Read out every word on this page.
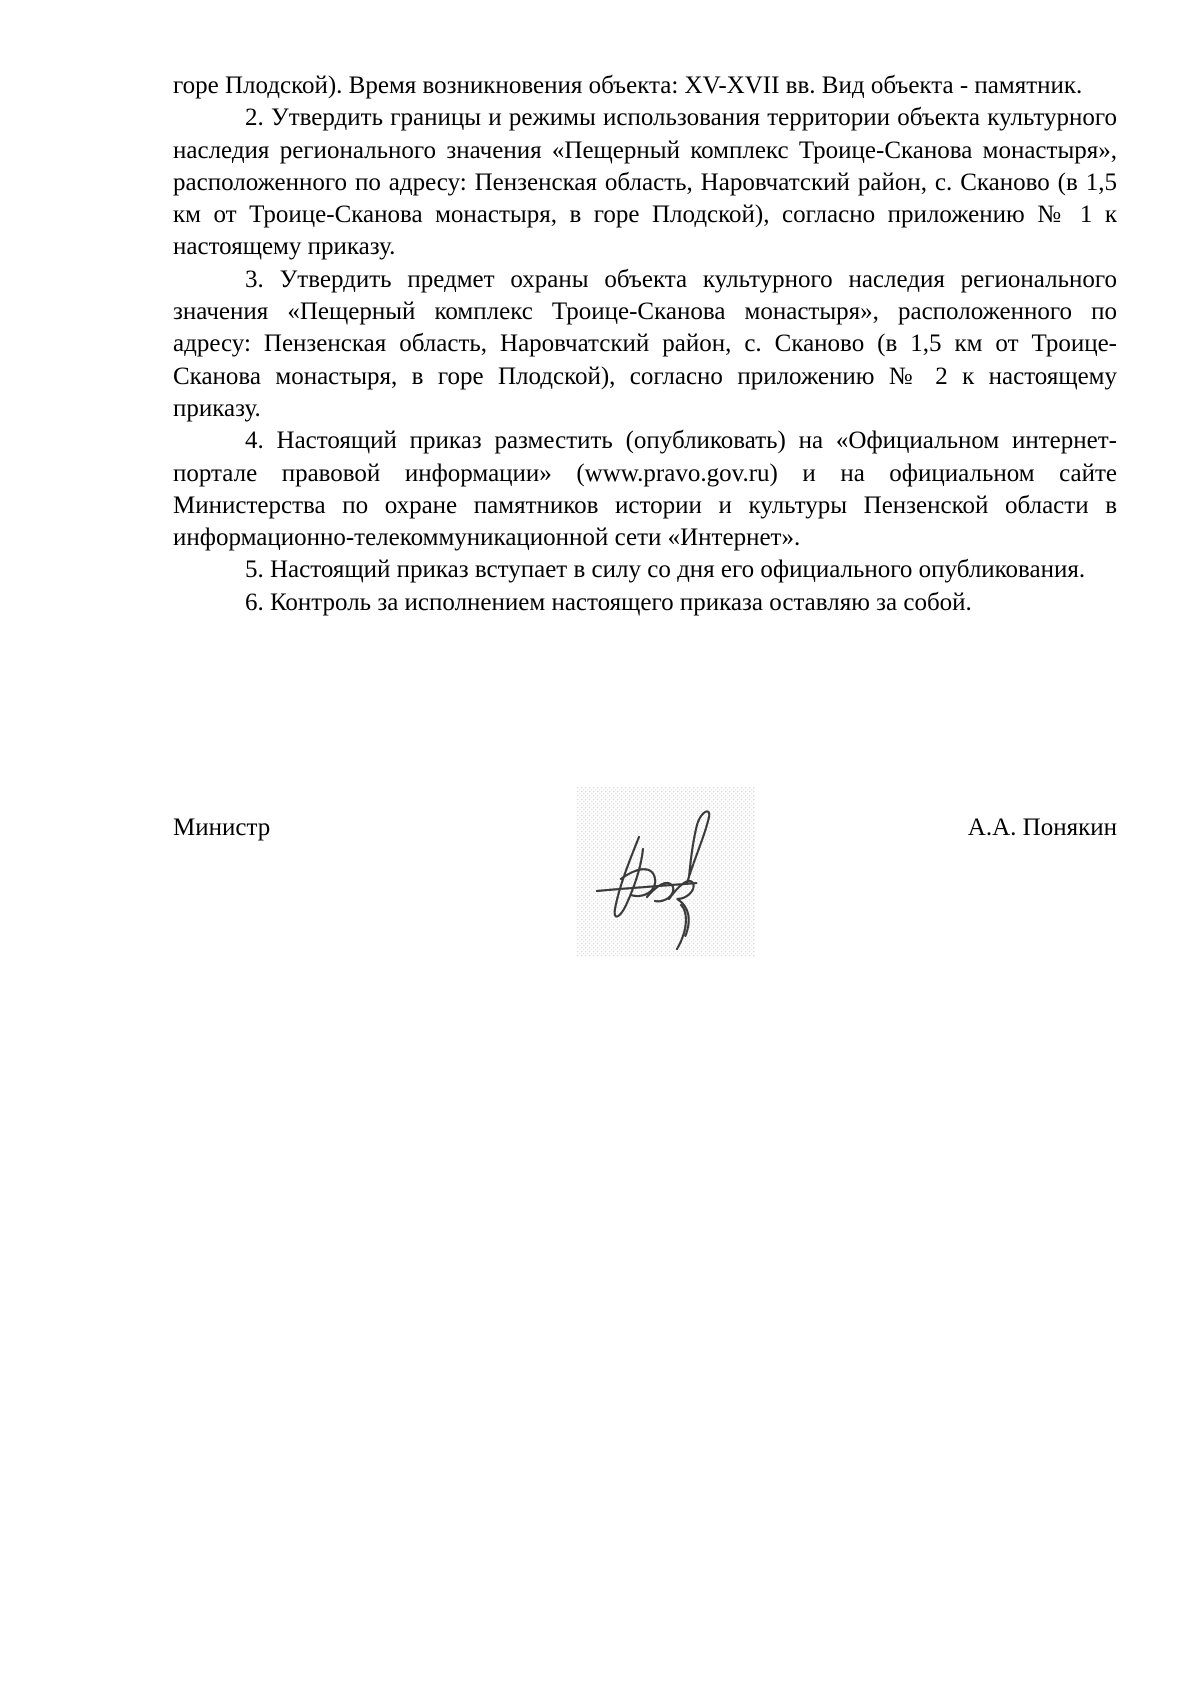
горе Плодской). Время возникновения объекта: XV-XVII вв. Вид объекта - памятник.

2. Утвердить границы и режимы использования территории объекта культурного наследия регионального значения «Пещерный комплекс Троице-Сканова монастыря», расположенного по адресу: Пензенская область, Наровчатский район, с. Сканово (в 1,5 км от Троице-Сканова монастыря, в горе Плодской), согласно приложению № 1 к настоящему приказу.

3. Утвердить предмет охраны объекта культурного наследия регионального значения «Пещерный комплекс Троице-Сканова монастыря», расположенного по адресу: Пензенская область, Наровчатский район, с. Сканово (в 1,5 км от Троице-Сканова монастыря, в горе Плодской), согласно приложению № 2 к настоящему приказу.

4. Настоящий приказ разместить (опубликовать) на «Официальном интернет-портале правовой информации» (www.pravo.gov.ru) и на официальном сайте Министерства по охране памятников истории и культуры Пензенской области в информационно-телекоммуникационной сети «Интернет».

5. Настоящий приказ вступает в силу со дня его официального опубликования.

6. Контроль за исполнением настоящего приказа оставляю за собой.

Министр	А.А. Понякин
